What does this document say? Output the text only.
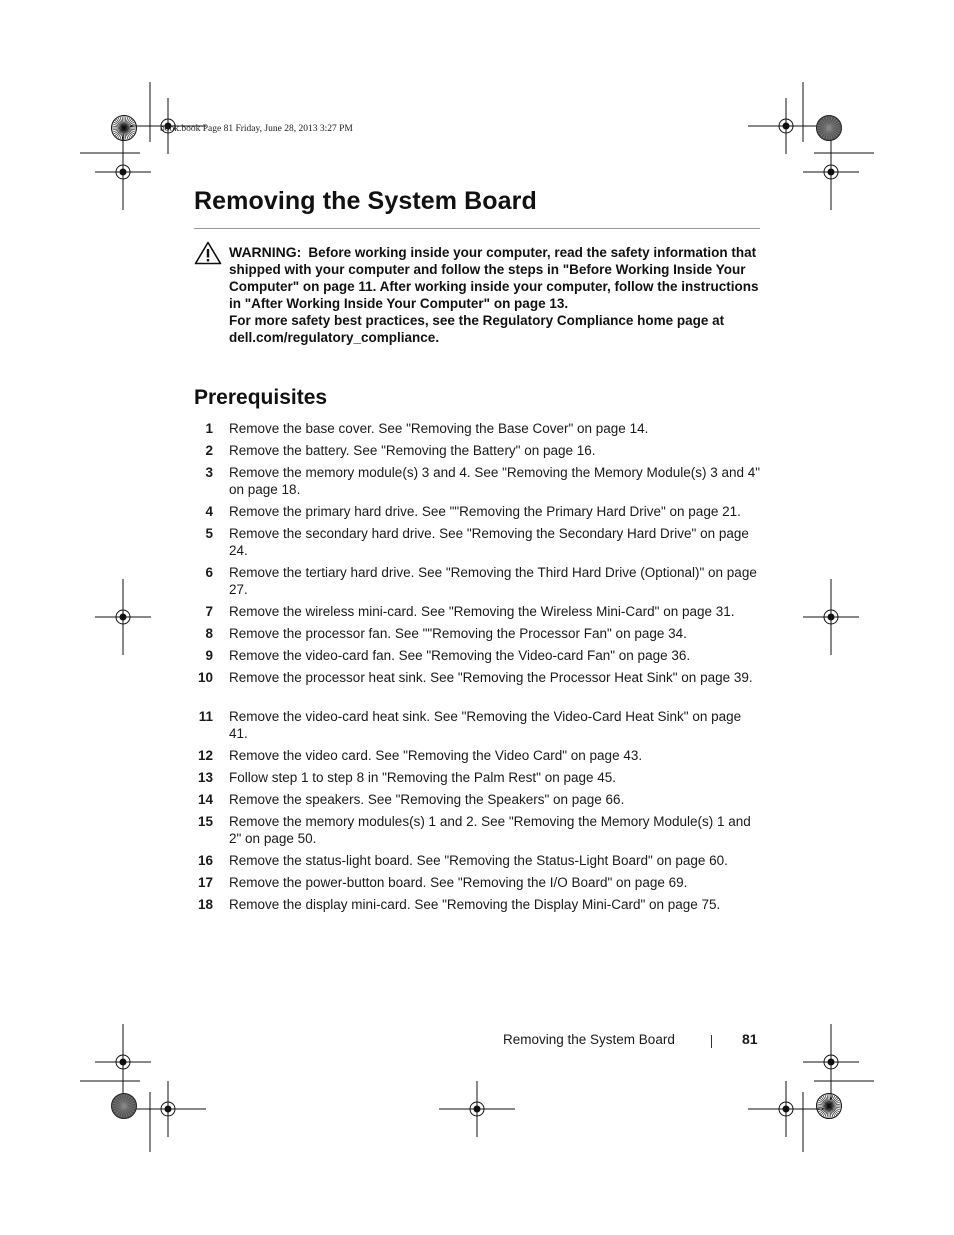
book.book Page 81 Friday, June 28, 2013 3:27 PM
Removing the System Board
WARNING: Before working inside your computer, read the safety information that shipped with your computer and follow the steps in "Before Working Inside Your Computer" on page 11. After working inside your computer, follow the instructions in "After Working Inside Your Computer" on page 13.
For more safety best practices, see the Regulatory Compliance home page at dell.com/regulatory_compliance.
Prerequisites
1 Remove the base cover. See "Removing the Base Cover" on page 14.
2 Remove the battery. See "Removing the Battery" on page 16.
3 Remove the memory module(s) 3 and 4. See "Removing the Memory Module(s) 3 and 4" on page 18.
4 Remove the primary hard drive. See ""Removing the Primary Hard Drive" on page 21.
5 Remove the secondary hard drive. See "Removing the Secondary Hard Drive" on page 24.
6 Remove the tertiary hard drive. See "Removing the Third Hard Drive (Optional)" on page 27.
7 Remove the wireless mini-card. See "Removing the Wireless Mini-Card" on page 31.
8 Remove the processor fan. See ""Removing the Processor Fan" on page 34.
9 Remove the video-card fan. See "Removing the Video-card Fan" on page 36.
10 Remove the processor heat sink. See "Removing the Processor Heat Sink" on page 39.
11 Remove the video-card heat sink. See "Removing the Video-Card Heat Sink" on page 41.
12 Remove the video card. See "Removing the Video Card" on page 43.
13 Follow step 1 to step 8 in "Removing the Palm Rest" on page 45.
14 Remove the speakers. See "Removing the Speakers" on page 66.
15 Remove the memory modules(s) 1 and 2. See "Removing the Memory Module(s) 1 and 2" on page 50.
16 Remove the status-light board. See "Removing the Status-Light Board" on page 60.
17 Remove the power-button board. See "Removing the I/O Board" on page 69.
18 Remove the display mini-card. See "Removing the Display Mini-Card" on page 75.
Removing the System Board	81
